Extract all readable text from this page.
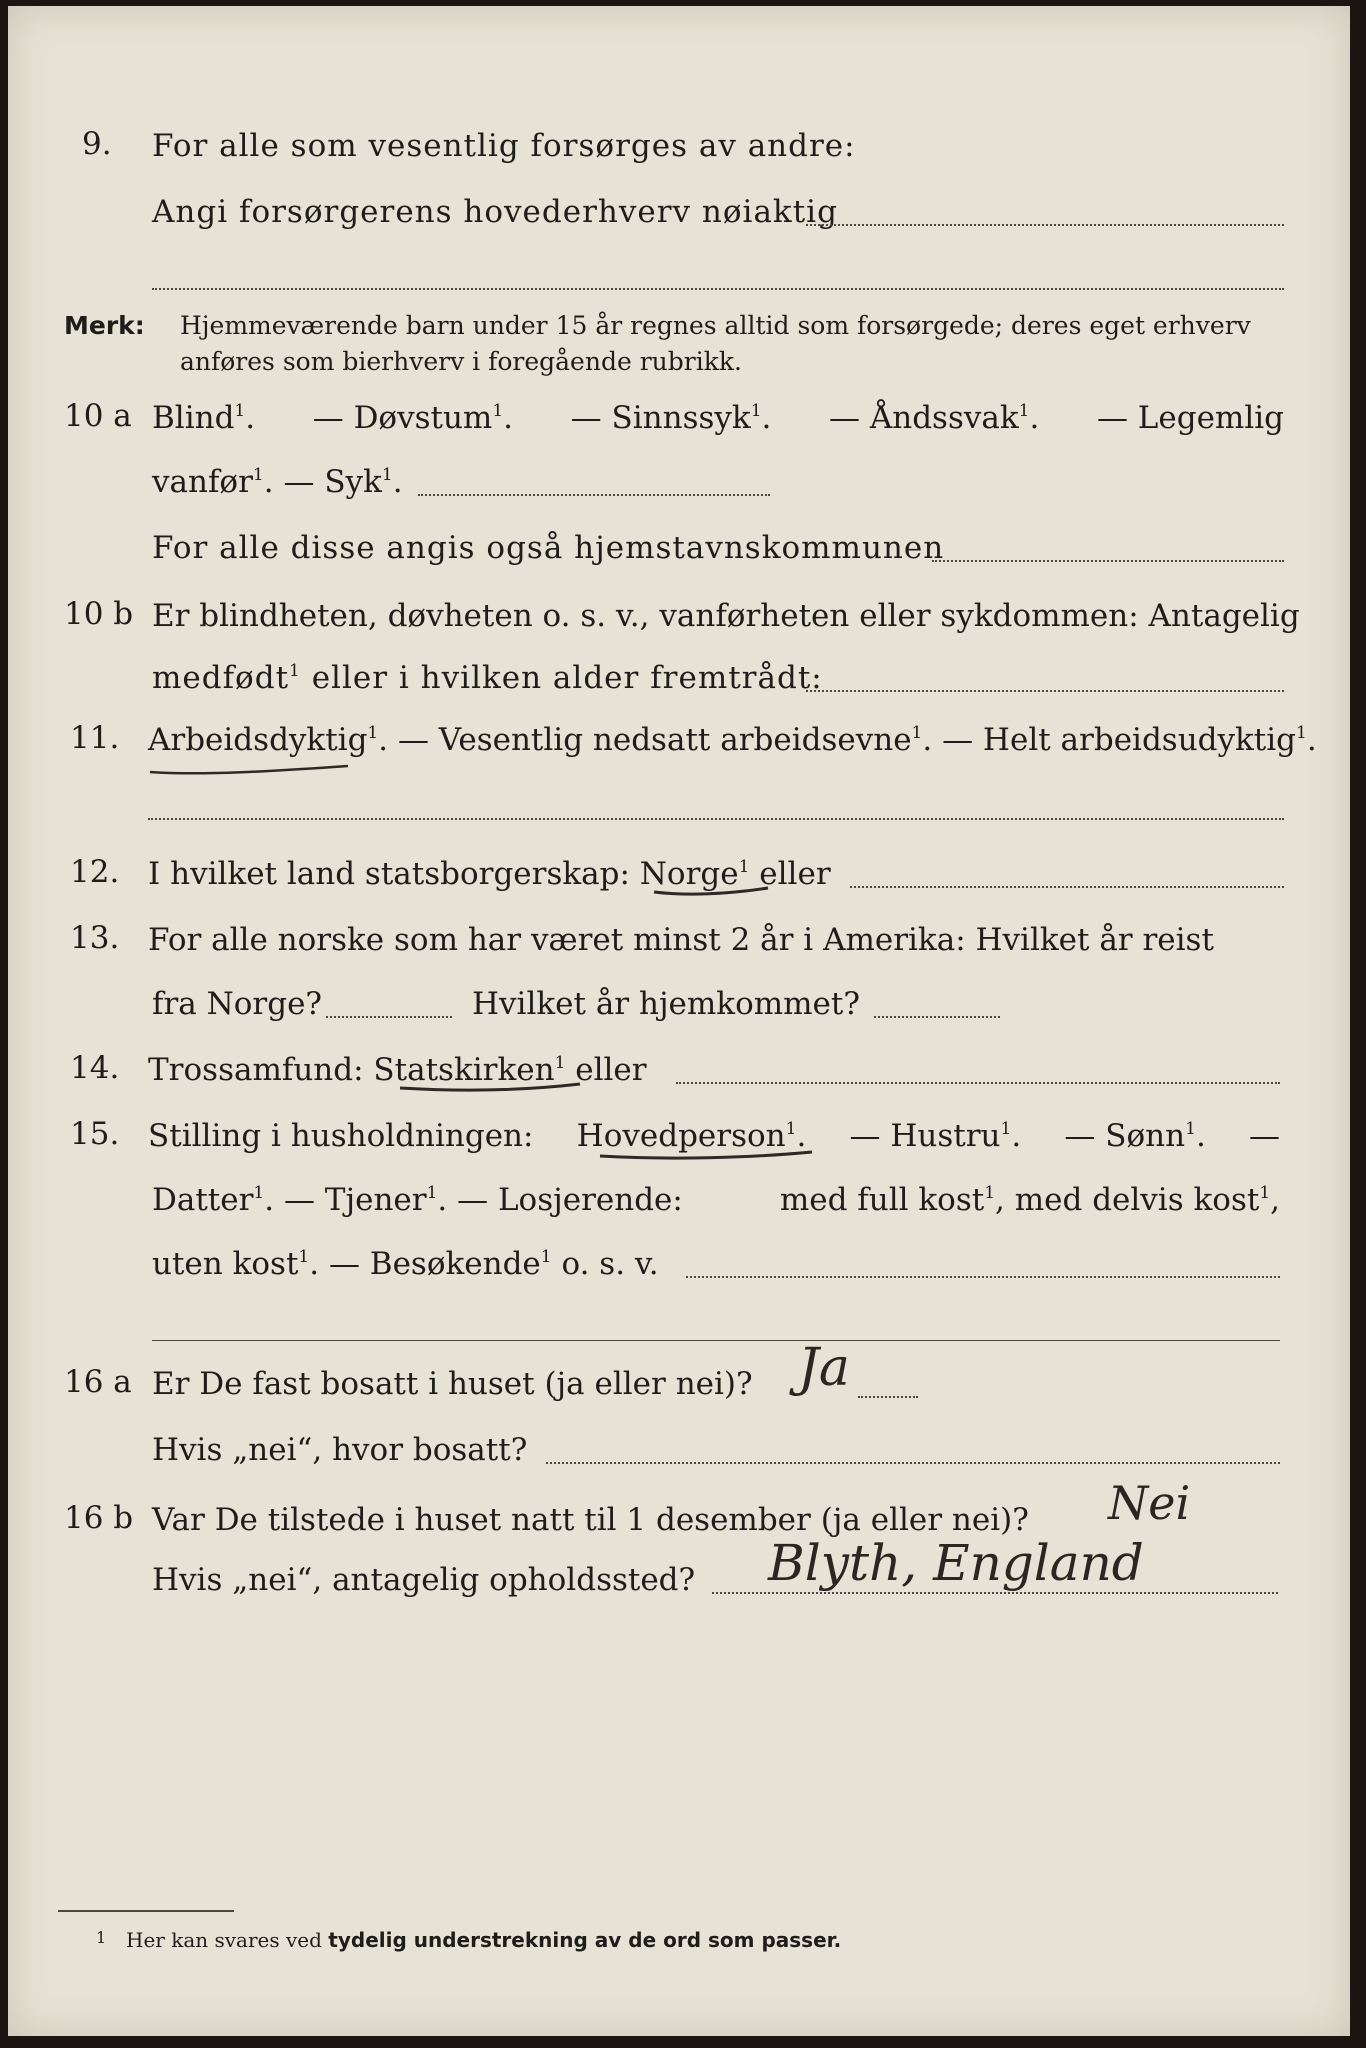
9. For alle som vesentlig forsørges av andre:
Angi forsørgerens hovederhverv nøiaktig
Merk: Hjemmeværende barn under 15 år regnes alltid som forsørgede; deres eget erhverv
anføres som bierhverv i foregående rubrikk.
10 a Blind$^1$. — Døvstum$^1$. — Sinnssyk$^1$. — Åndssvak$^1$. — Legemlig
vanfør$^1$. — Syk$^1$.
For alle disse angis også hjemstavnskommunen
10 b Er blindheten, døvheten o. s. v., vanførheten eller sykdommen: Antagelig
medfødt$^1$ eller i hvilken alder fremtrådt:
11. Arbeidsdyktig$^1$. — Vesentlig nedsatt arbeidsevne$^1$. — Helt arbeidsudyktig$^1$.
12. I hvilket land statsborgerskap: Norge$^1$ eller
13. For alle norske som har været minst 2 år i Amerika: Hvilket år reist
fra Norge?	Hvilket år hjemkommet?
14. Trossamfund: Statskirken$^1$ eller
15. Stilling i husholdningen: Hovedperson$^1$. — Hustru$^1$. — Sønn$^1$. —
Datter$^1$. — Tjener$^1$. — Losjerende:	med full kost$^1$, med delvis kost$^1$,
uten kost$^1$. — Besøkende$^1$ o. s. v.
16 a Er De fast bosatt i huset (ja eller nei)? Ja
Hvis „nei“, hvor bosatt?
16 b Var De tilstede i huset natt til 1 desember (ja eller nei)? Nei
Hvis „nei“, antagelig opholdssted? Blyth, England
1 Her kan svares ved tydelig understrekning av de ord som passer.
